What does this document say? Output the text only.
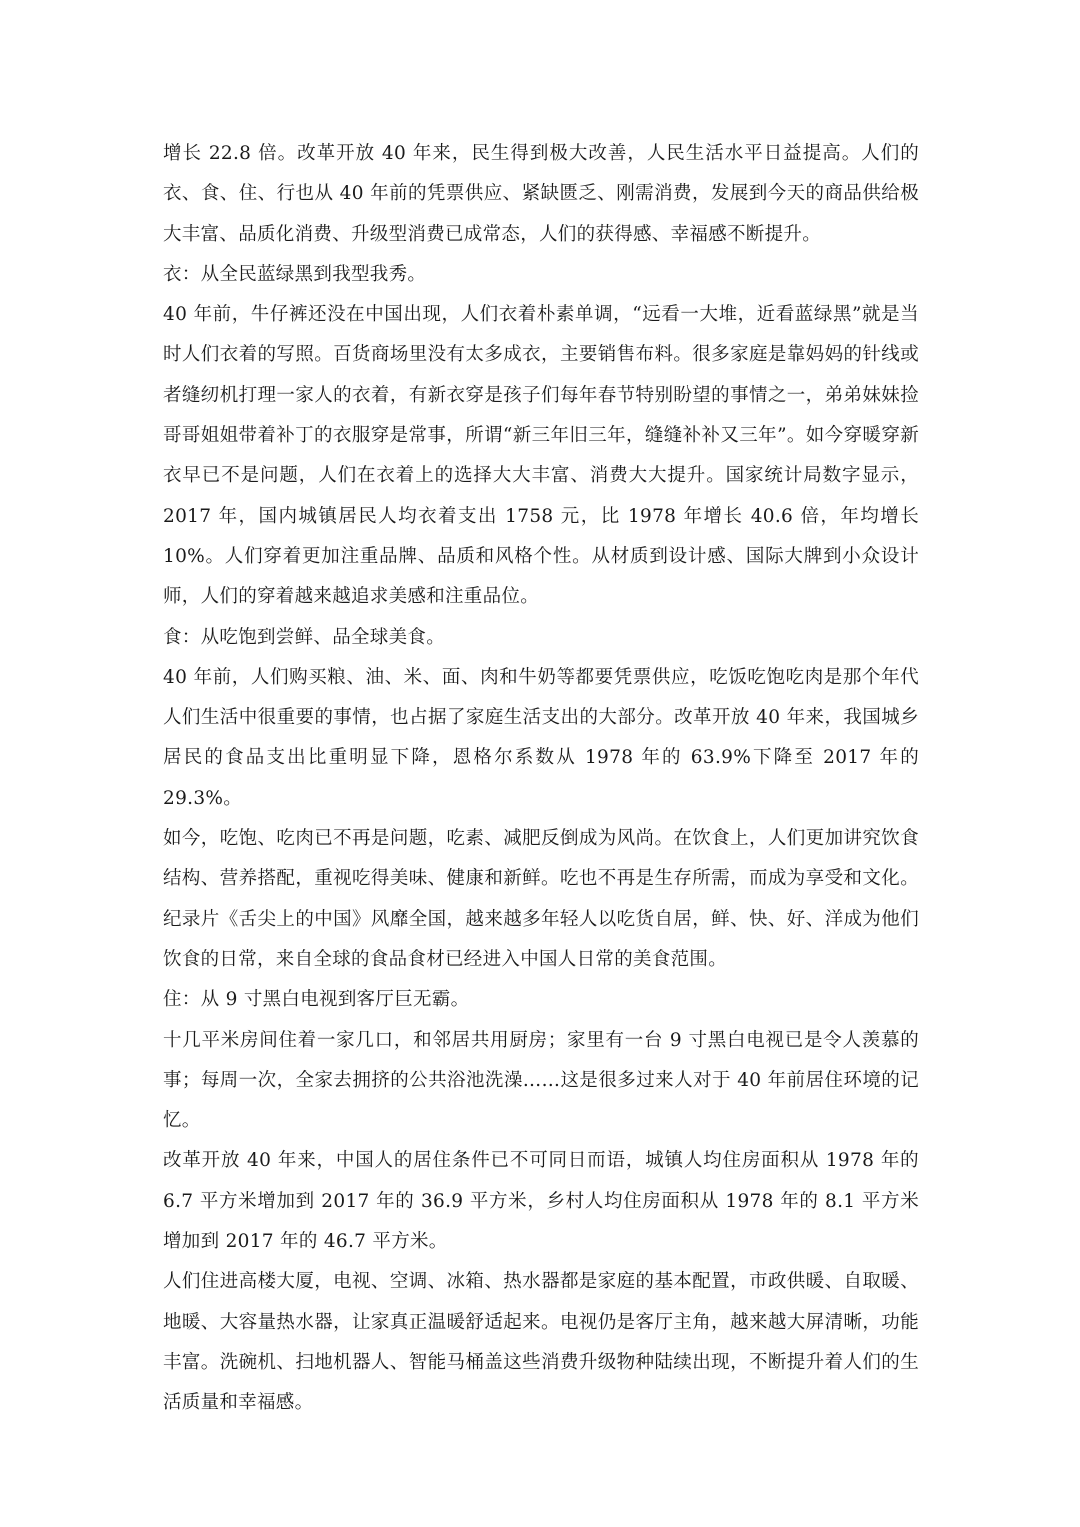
增长 22.8 倍。改革开放 40 年来，民生得到极大改善，人民生活水平日益提高。人们的衣、食、住、行也从 40 年前的凭票供应、紧缺匮乏、刚需消费，发展到今天的商品供给极大丰富、品质化消费、升级型消费已成常态，人们的获得感、幸福感不断提升。

衣：从全民蓝绿黑到我型我秀。

40 年前，牛仔裤还没在中国出现，人们衣着朴素单调，“远看一大堆，近看蓝绿黑”就是当时人们衣着的写照。百货商场里没有太多成衣，主要销售布料。很多家庭是靠妈妈的针线或者缝纫机打理一家人的衣着，有新衣穿是孩子们每年春节特别盼望的事情之一，弟弟妹妹捡哥哥姐姐带着补丁的衣服穿是常事，所谓“新三年旧三年，缝缝补补又三年”。如今穿暖穿新衣早已不是问题，人们在衣着上的选择大大丰富、消费大大提升。国家统计局数字显示，2017 年，国内城镇居民人均衣着支出 1758 元，比 1978 年增长 40.6 倍，年均增长 10%。人们穿着更加注重品牌、品质和风格个性。从材质到设计感、国际大牌到小众设计师，人们的穿着越来越追求美感和注重品位。

食：从吃饱到尝鲜、品全球美食。

40 年前，人们购买粮、油、米、面、肉和牛奶等都要凭票供应，吃饭吃饱吃肉是那个年代人们生活中很重要的事情，也占据了家庭生活支出的大部分。改革开放 40 年来，我国城乡居民的食品支出比重明显下降，恩格尔系数从 1978 年的 63.9%下降至 2017 年的 29.3%。

如今，吃饱、吃肉已不再是问题，吃素、减肥反倒成为风尚。在饮食上，人们更加讲究饮食结构、营养搭配，重视吃得美味、健康和新鲜。吃也不再是生存所需，而成为享受和文化。纪录片《舌尖上的中国》风靡全国，越来越多年轻人以吃货自居，鲜、快、好、洋成为他们饮食的日常，来自全球的食品食材已经进入中国人日常的美食范围。

住：从 9 寸黑白电视到客厅巨无霸。

十几平米房间住着一家几口，和邻居共用厨房；家里有一台 9 寸黑白电视已是令人羡慕的事；每周一次，全家去拥挤的公共浴池洗澡……这是很多过来人对于 40 年前居住环境的记忆。

改革开放 40 年来，中国人的居住条件已不可同日而语，城镇人均住房面积从 1978 年的 6.7 平方米增加到 2017 年的 36.9 平方米，乡村人均住房面积从 1978 年的 8.1 平方米增加到 2017 年的 46.7 平方米。

人们住进高楼大厦，电视、空调、冰箱、热水器都是家庭的基本配置，市政供暖、自取暖、地暖、大容量热水器，让家真正温暖舒适起来。电视仍是客厅主角，越来越大屏清晰，功能丰富。洗碗机、扫地机器人、智能马桶盖这些消费升级物种陆续出现，不断提升着人们的生活质量和幸福感。
